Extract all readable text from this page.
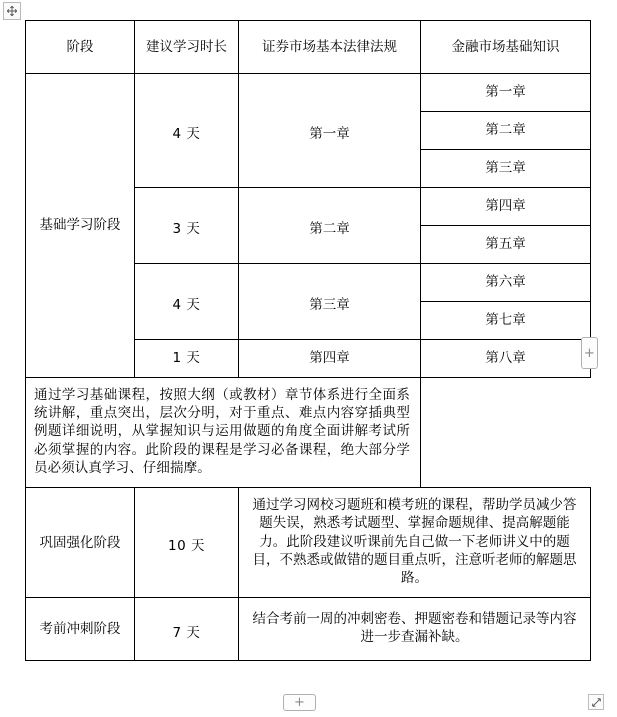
阶段	建议学习时长	证券市场基本法律法规	金融市场基础知识
基础学习阶段	4 天	第一章	第一章
			第二章
			第三章
	3 天	第二章	第四章
			第五章
	4 天	第三章	第六章
			第七章
	1 天	第四章	第八章

通过学习基础课程，按照大纲（或教材）章节体系进行全面系统讲解，重点突出，层次分明，对于重点、难点内容穿插典型例题详细说明，从掌握知识与运用做题的角度全面讲解考试所必须掌握的内容。此阶段的课程是学习必备课程，绝大部分学员必须认真学习、仔细揣摩。			

巩固强化阶段	10 天	通过学习网校习题班和模考班的课程，帮助学员减少答题失误，熟悉考试题型、掌握命题规律、提高解题能力。此阶段建议听课前先自己做一下老师讲义中的题目，不熟悉或做错的题目重点听，注意听老师的解题思路。	

考前冲刺阶段	7 天	结合考前一周的冲刺密卷、押题密卷和错题记录等内容进一步查漏补缺。	

+
+
